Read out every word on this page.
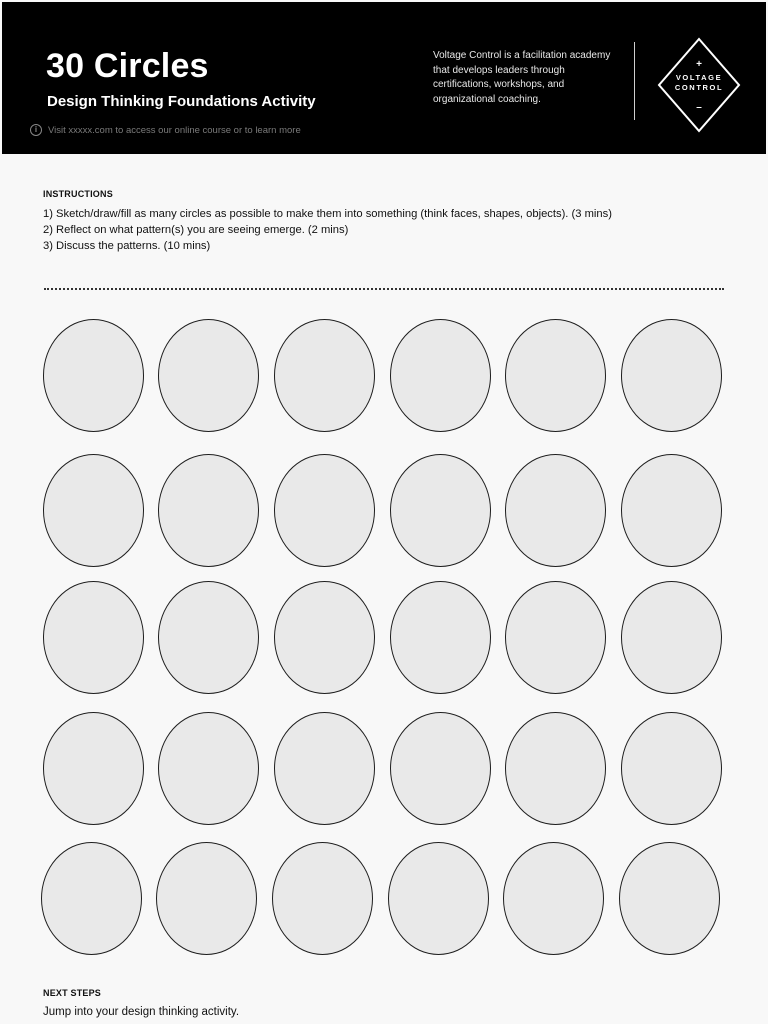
30 Circles
Design Thinking Foundations Activity
i	Visit xxxxx.com to access our online course or to learn more
Voltage Control is a facilitation academy
that develops leaders through
certifications, workshops, and
organizational coaching.
+
–
VOLTAGE
CONTROL
INSTRUCTIONS
1) Sketch/draw/fill as many circles as possible to make them into something (think faces, shapes, objects). (3 mins)
2) Reflect on what pattern(s) you are seeing emerge. (2 mins)
3) Discuss the patterns. (10 mins)
NEXT STEPS
Jump into your design thinking activity.
